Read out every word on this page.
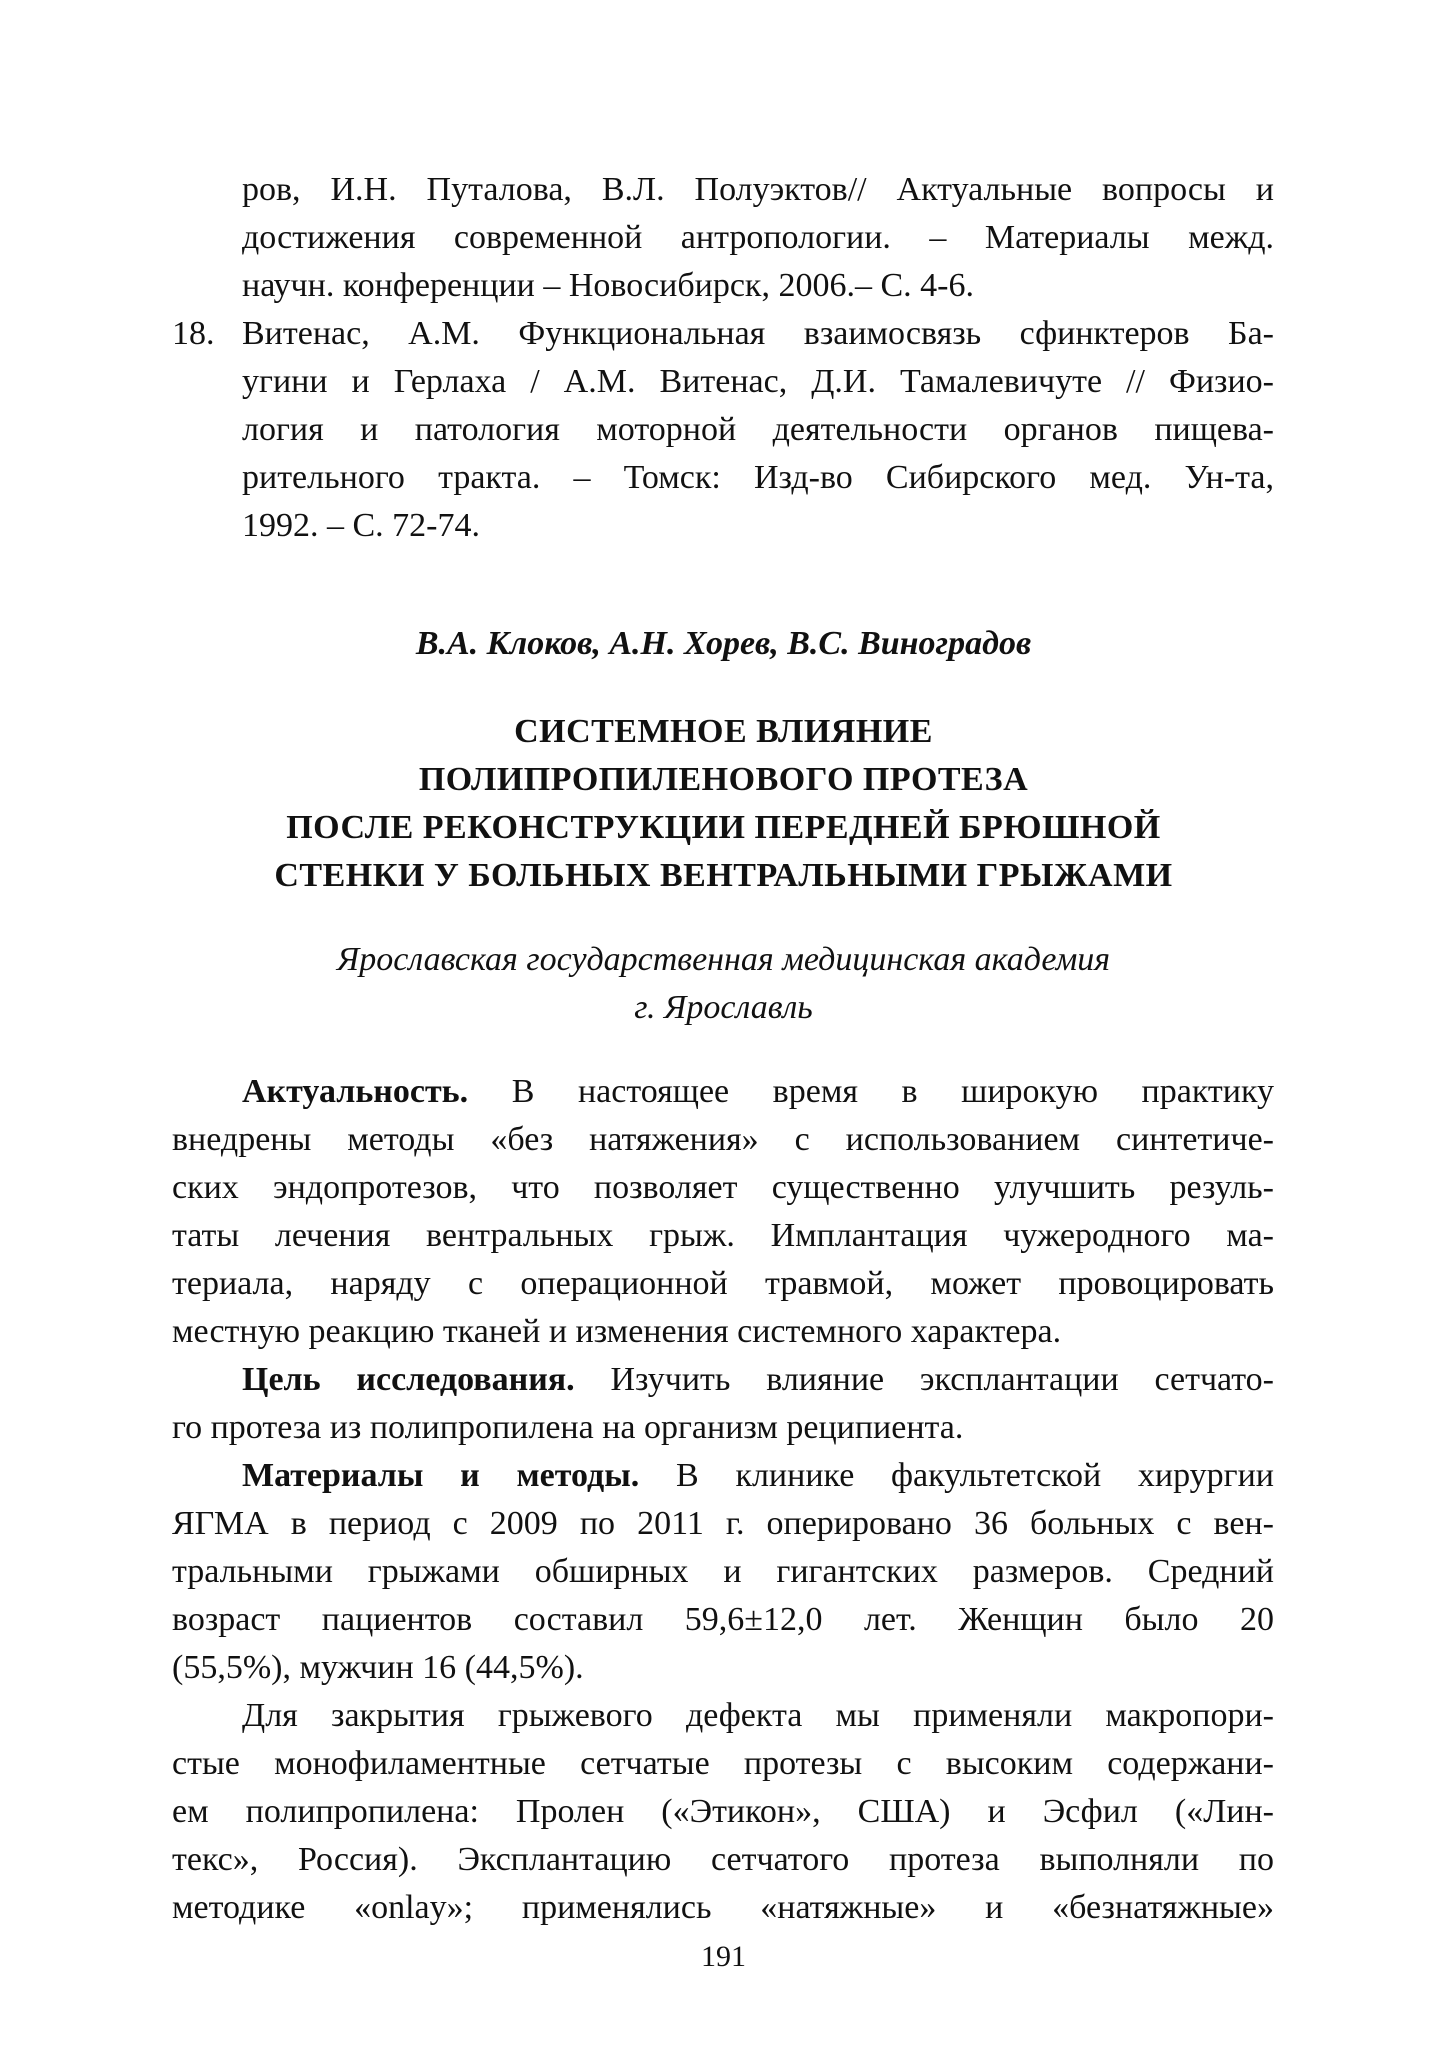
ров, И.Н. Путалова, В.Л. Полуэктов// Актуальные вопросы и
достижения современной антропологии. – Материалы межд.
научн. конференции – Новосибирск, 2006.– С. 4-6.
18. Витенас, А.М. Функциональная взаимосвязь сфинктеров Ба-
угини и Герлаха / А.М. Витенас, Д.И. Тамалевичуте // Физио-
логия и патология моторной деятельности органов пищева-
рительного тракта. – Томск: Изд-во Сибирского мед. Ун-та,
1992. – С. 72-74.
В.А. Клоков, А.Н. Хорев, В.С. Виноградов
СИСТЕМНОЕ ВЛИЯНИЕ
ПОЛИПРОПИЛЕНОВОГО ПРОТЕЗА
ПОСЛЕ РЕКОНСТРУКЦИИ ПЕРЕДНЕЙ БРЮШНОЙ
СТЕНКИ У БОЛЬНЫХ ВЕНТРАЛЬНЫМИ ГРЫЖАМИ
Ярославская государственная медицинская академия
г. Ярославль
Актуальность. В настоящее время в широкую практику
внедрены методы «без натяжения» с использованием синтетиче-
ских эндопротезов, что позволяет существенно улучшить резуль-
таты лечения вентральных грыж. Имплантация чужеродного ма-
териала, наряду с операционной травмой, может провоцировать
местную реакцию тканей и изменения системного характера.
Цель исследования. Изучить влияние эксплантации сетчато-
го протеза из полипропилена на организм реципиента.
Материалы и методы. В клинике факультетской хирургии
ЯГМА в период с 2009 по 2011 г. оперировано 36 больных с вен-
тральными грыжами обширных и гигантских размеров. Средний
возраст пациентов составил 59,6±12,0 лет. Женщин было 20
(55,5%), мужчин 16 (44,5%).
Для закрытия грыжевого дефекта мы применяли макропори-
стые монофиламентные сетчатые протезы с высоким содержани-
ем полипропилена: Пролен («Этикон», США) и Эсфил («Лин-
текс», Россия). Эксплантацию сетчатого протеза выполняли по
методике «onlay»; применялись «натяжные» и «безнатяжные»
191
